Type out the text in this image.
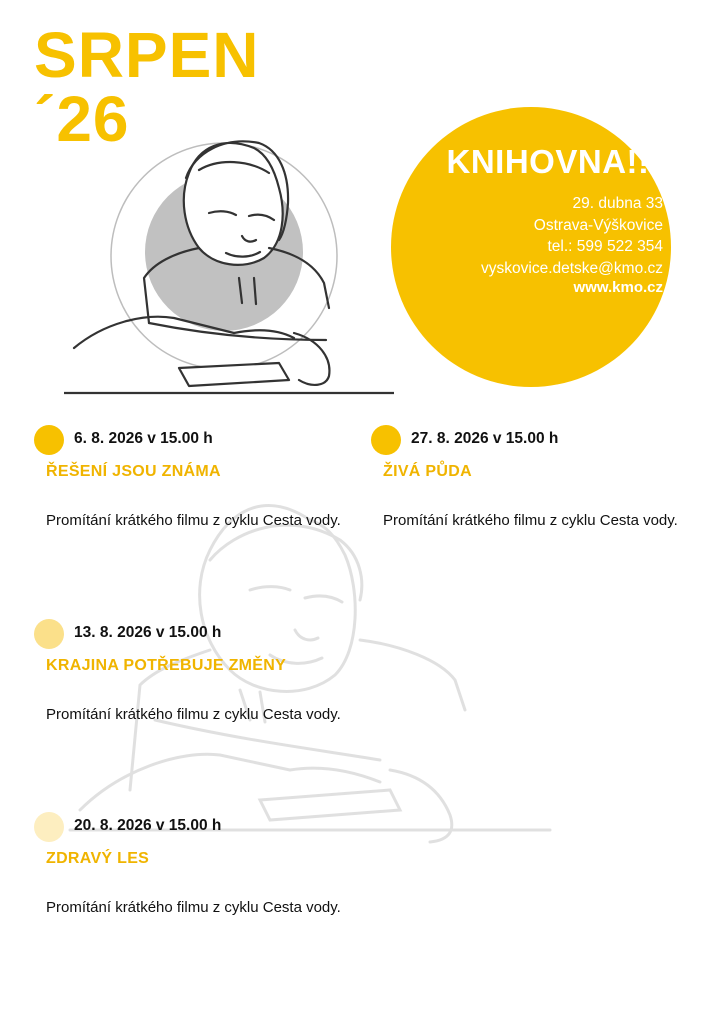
SRPEN
´26
KNIHOVNA!!!
29. dubna 33
Ostrava-Výškovice
tel.: 599 522 354
vyskovice.detske@kmo.cz
www.kmo.cz
6. 8. 2026 v 15.00 h
ŘEŠENÍ JSOU ZNÁMA
Promítání krátkého filmu z cyklu Cesta vody.
27. 8. 2026 v 15.00 h
ŽIVÁ PŮDA
Promítání krátkého filmu z cyklu Cesta vody.
13. 8. 2026 v 15.00 h
KRAJINA POTŘEBUJE ZMĚNY
Promítání krátkého filmu z cyklu Cesta vody.
20. 8. 2026 v 15.00 h
ZDRAVÝ LES
Promítání krátkého filmu z cyklu Cesta vody.
